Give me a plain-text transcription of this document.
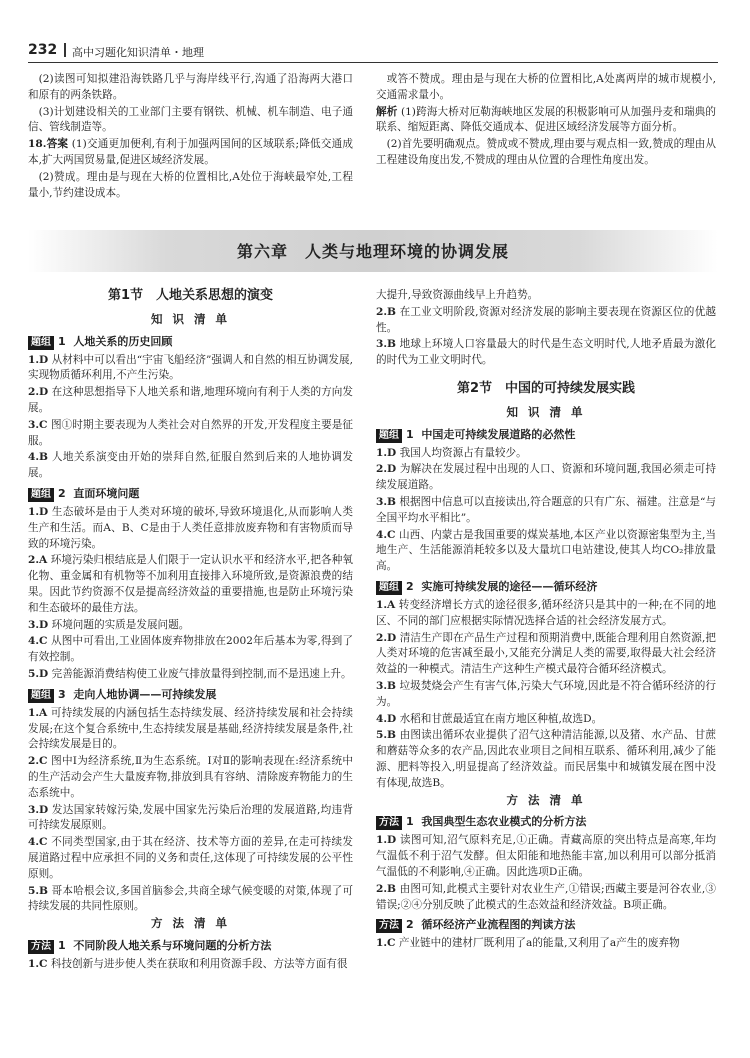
232 高中习题化知识清单・地理

(2)读图可知拟建沿海铁路几乎与海岸线平行,沟通了沿海两大港口和原有的两条铁路。

(3)计划建设相关的工业部门主要有钢铁、机械、机车制造、电子通信、管线制造等。

18.答案 (1)交通更加便利,有利于加强两国间的区域联系;降低交通成本,扩大两国贸易量,促进区域经济发展。

(2)赞成。理由是与现在大桥的位置相比,A处位于海峡最窄处,工程量小,节约建设成本。

或答不赞成。理由是与现在大桥的位置相比,A处离两岸的城市规模小,交通需求量小。

解析 (1)跨海大桥对厄勒海峡地区发展的积极影响可从加强丹麦和瑞典的联系、缩短距离、降低交通成本、促进区域经济发展等方面分析。

(2)首先要明确观点。赞成或不赞成,理由要与观点相一致,赞成的理由从工程建设角度出发,不赞成的理由从位置的合理性角度出发。

第六章　人类与地理环境的协调发展
第1节　人地关系思想的演变
知 识 清 单
题组 1 人地关系的历史回顾

1.D 从材料中可以看出“宇宙飞船经济”强调人和自然的相互协调发展,实现物质循环利用,不产生污染。

2.D 在这种思想指导下人地关系和谐,地理环境向有利于人类的方向发展。

3.C 图①时期主要表现为人类社会对自然界的开发,开发程度主要是征服。

4.B 人地关系演变由开始的崇拜自然,征服自然到后来的人地协调发展。

题组 2 直面环境问题

1.D 生态破坏是由于人类对环境的破坏,导致环境退化,从而影响人类生产和生活。而A、B、C是由于人类任意排放废弃物和有害物质而导致的环境污染。

2.A 环境污染归根结底是人们限于一定认识水平和经济水平,把各种氧化物、重金属和有机物等不加利用直接排入环境所致,是资源浪费的结果。因此节约资源不仅是提高经济效益的重要措施,也是防止环境污染和生态破坏的最佳方法。

3.D 环境问题的实质是发展问题。

4.C 从图中可看出,工业固体废弃物排放在2002年后基本为零,得到了有效控制。

5.D 完善能源消费结构使工业废气排放量得到控制,而不是迅速上升。

题组 3 走向人地协调——可持续发展

1.A 可持续发展的内涵包括生态持续发展、经济持续发展和社会持续发展;在这个复合系统中,生态持续发展是基础,经济持续发展是条件,社会持续发展是目的。

2.C 图中Ⅰ为经济系统,Ⅱ为生态系统。Ⅰ对Ⅱ的影响表现在:经济系统中的生产活动会产生大量废弃物,排放到具有容纳、清除废弃物能力的生态系统中。

3.D 发达国家转嫁污染,发展中国家先污染后治理的发展道路,均违背可持续发展原则。

4.C 不同类型国家,由于其在经济、技术等方面的差异,在走可持续发展道路过程中应承担不同的义务和责任,这体现了可持续发展的公平性原则。

5.B 哥本哈根会议,多国首脑参会,共商全球气候变暖的对策,体现了可持续发展的共同性原则。

方 法 清 单
方法 1 不同阶段人地关系与环境问题的分析方法

1.C 科技创新与进步使人类在获取和利用资源手段、方法等方面有很

大提升,导致资源曲线早上升趋势。

2.B 在工业文明阶段,资源对经济发展的影响主要表现在资源区位的优越性。

3.B 地球上环境人口容量最大的时代是生态文明时代,人地矛盾最为激化的时代为工业文明时代。

第2节　中国的可持续发展实践
知 识 清 单
题组 1 中国走可持续发展道路的必然性

1.D 我国人均资源占有量较少。

2.D 为解决在发展过程中出现的人口、资源和环境问题,我国必须走可持续发展道路。

3.B 根据图中信息可以直接读出,符合题意的只有广东、福建。注意是“与全国平均水平相比”。

4.C 山西、内蒙古是我国重要的煤炭基地,本区产业以资源密集型为主,当地生产、生活能源消耗较多以及大量坑口电站建设,使其人均CO₂排放量高。

题组 2 实施可持续发展的途径——循环经济

1.A 转变经济增长方式的途径很多,循环经济只是其中的一种;在不同的地区、不同的部门应根据实际情况选择合适的社会经济发展方式。

2.D 清洁生产即在产品生产过程和预期消费中,既能合理利用自然资源,把人类对环境的危害减至最小,又能充分满足人类的需要,取得最大社会经济效益的一种模式。清洁生产这种生产模式最符合循环经济模式。

3.B 垃圾焚烧会产生有害气体,污染大气环境,因此是不符合循环经济的行为。

4.D 水稻和甘蔗最适宜在南方地区种植,故选D。

5.B 由图读出循环农业提供了沼气这种清洁能源,以及猪、水产品、甘蔗和蘑菇等众多的农产品,因此农业项目之间相互联系、循环利用,减少了能源、肥料等投入,明显提高了经济效益。而民居集中和城镇发展在图中没有体现,故选B。

方 法 清 单
方法 1 我国典型生态农业模式的分析方法

1.D 读图可知,沼气原料充足,①正确。青藏高原的突出特点是高寒,年均气温低不利于沼气发酵。但太阳能和地热能丰富,加以利用可以部分抵消气温低的不利影响,④正确。因此选项D正确。

2.B 由图可知,此模式主要针对农业生产,①错误;西藏主要是河谷农业,③错误;②④分别反映了此模式的生态效益和经济效益。B项正确。

方法 2 循环经济产业流程图的判读方法

1.C 产业链中的建材厂既利用了a的能量,又利用了a产生的废弃物
